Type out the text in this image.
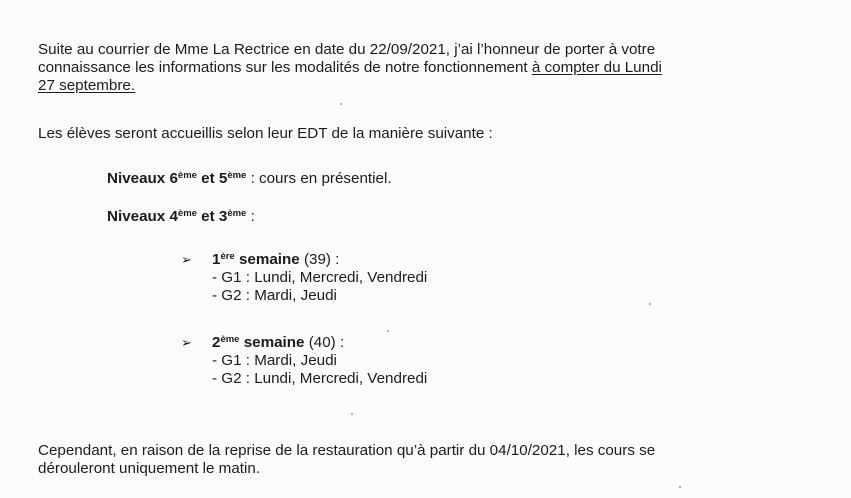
Suite au courrier de Mme La Rectrice en date du 22/09/2021, j’ai l’honneur de porter à votre

connaissance les informations sur les modalités de notre fonctionnement à compter du Lundi

27 septembre.

Les élèves seront accueillis selon leur EDT de la manière suivante :

Niveaux 6ème et 5ème : cours en présentiel.

Niveaux 4ème et 3ème :

➢ 1ère semaine (39) :

- G1 : Lundi, Mercredi, Vendredi

- G2 : Mardi, Jeudi

➢ 2ème semaine (40) :

- G1 : Mardi, Jeudi

- G2 : Lundi, Mercredi, Vendredi

Cependant, en raison de la reprise de la restauration qu’à partir du 04/10/2021, les cours se

dérouleront uniquement le matin.
